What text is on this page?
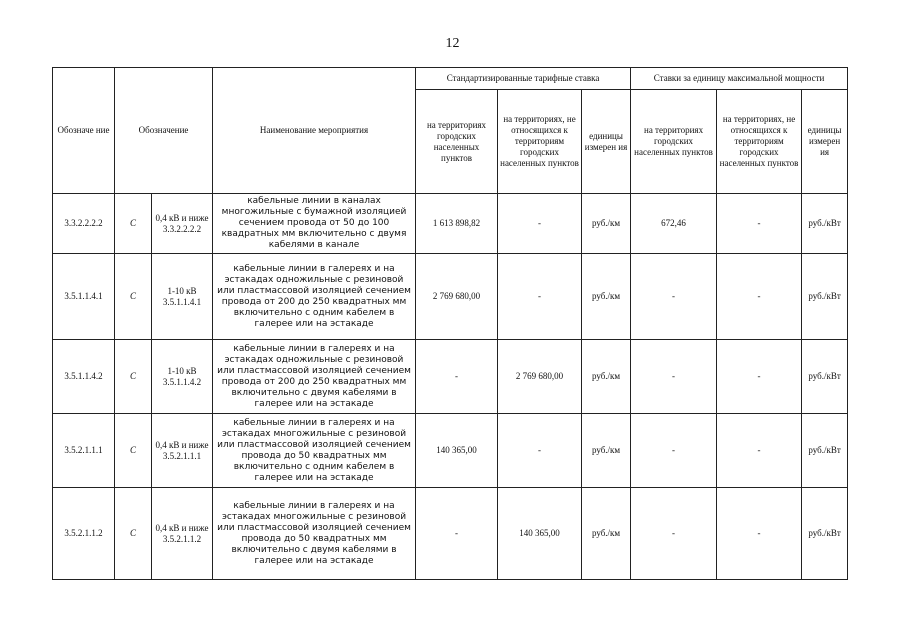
12
Обозначе ние	Обозначение		Наименование мероприятия	Стандартизированные тарифные ставка			Ставки за единицу максимальной мощности		
				на территориях городских населенных пунктов	на территориях, не относящихся к территориям городских населенных пунктов	единицы измерен ия	на территориях городских населенных пунктов	на территориях, не относящихся к территориям городских населенных пунктов	единицы измерен ия
3.3.2.2.2.2	С	0,4 кВ и ниже 3.3.2.2.2.2	кабельные линии в каналах многожильные с бумажной изоляцией сечением провода от 50 до 100 квадратных мм включительно с двумя кабелями в канале	1 613 898,82	-	руб./км	672,46	-	руб./кВт
3.5.1.1.4.1	С	1-10 кВ 3.5.1.1.4.1	кабельные линии в галереях и на эстакадах одножильные с резиновой или пластмассовой изоляцией сечением провода от 200 до 250 квадратных мм включительно с одним кабелем в галерее или на эстакаде	2 769 680,00	-	руб./км	-	-	руб./кВт
3.5.1.1.4.2	С	1-10 кВ 3.5.1.1.4.2	кабельные линии в галереях и на эстакадах одножильные с резиновой или пластмассовой изоляцией сечением провода от 200 до 250 квадратных мм включительно с двумя кабелями в галерее или на эстакаде	-	2 769 680,00	руб./км	-	-	руб./кВт
3.5.2.1.1.1	С	0,4 кВ и ниже 3.5.2.1.1.1	кабельные линии в галереях и на эстакадах многожильные с резиновой или пластмассовой изоляцией сечением провода до 50 квадратных мм включительно с одним кабелем в галерее или на эстакаде	140 365,00	-	руб./км	-	-	руб./кВт
3.5.2.1.1.2	С	0,4 кВ и ниже 3.5.2.1.1.2	кабельные линии в галереях и на эстакадах многожильные с резиновой или пластмассовой изоляцией сечением провода до 50 квадратных мм включительно с двумя кабелями в галерее или на эстакаде	-	140 365,00	руб./км	-	-	руб./кВт
